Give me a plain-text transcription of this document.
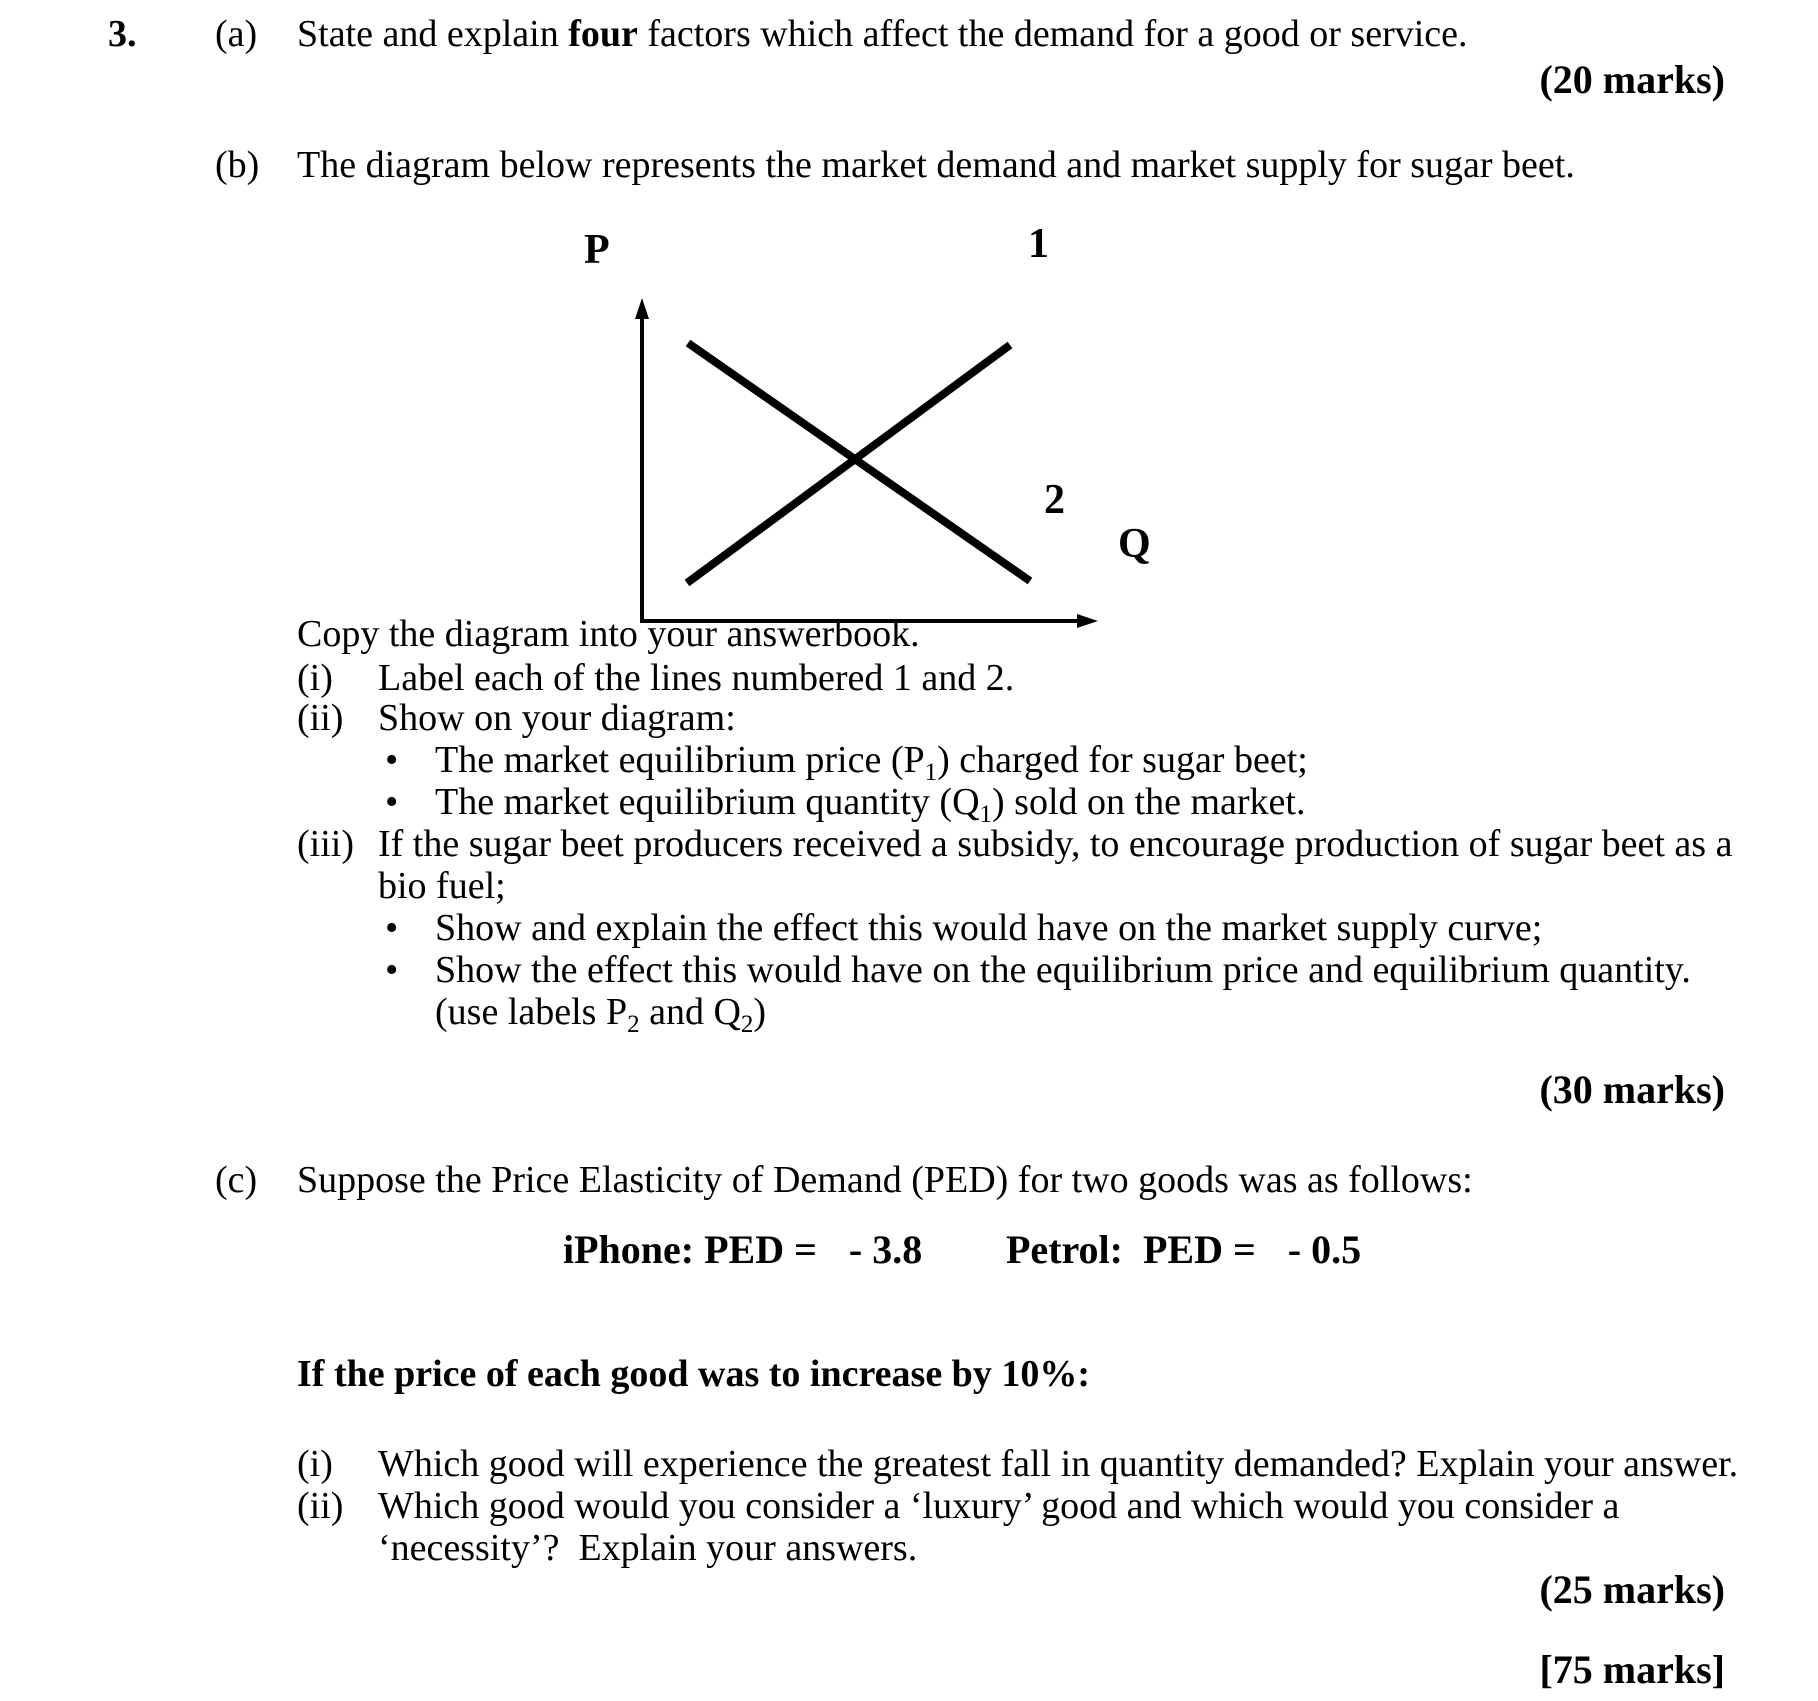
3. (a) State and explain four factors which affect the demand for a good or service.
(20 marks)
(b) The diagram below represents the market demand and market supply for sugar beet.

P
Q
1
2
Copy the diagram into your answerbook.
(i) Label each of the lines numbered 1 and 2.
(ii) Show on your diagram:
• The market equilibrium price $(P_1)$ charged for sugar beet;
• The market equilibrium quantity $(Q_1)$ sold on the market.
(iii) If the sugar beet producers received a subsidy, to encourage production of sugar beet as a
bio fuel;
• Show and explain the effect this would have on the market supply curve;
• Show the effect this would have on the equilibrium price and equilibrium quantity.
(use labels $P_2$ and $Q_2$)
(30 marks)
(c) Suppose the Price Elasticity of Demand (PED) for two goods was as follows:
iPhone: PED = - 3.8 Petrol:  PED = - 0.5
If the price of each good was to increase by 10%:
(i) Which good will experience the greatest fall in quantity demanded? Explain your answer.
(ii) Which good would you consider a ‘luxury’ good and which would you consider a
‘necessity’?  Explain your answers.
(25 marks)
[75 marks]
